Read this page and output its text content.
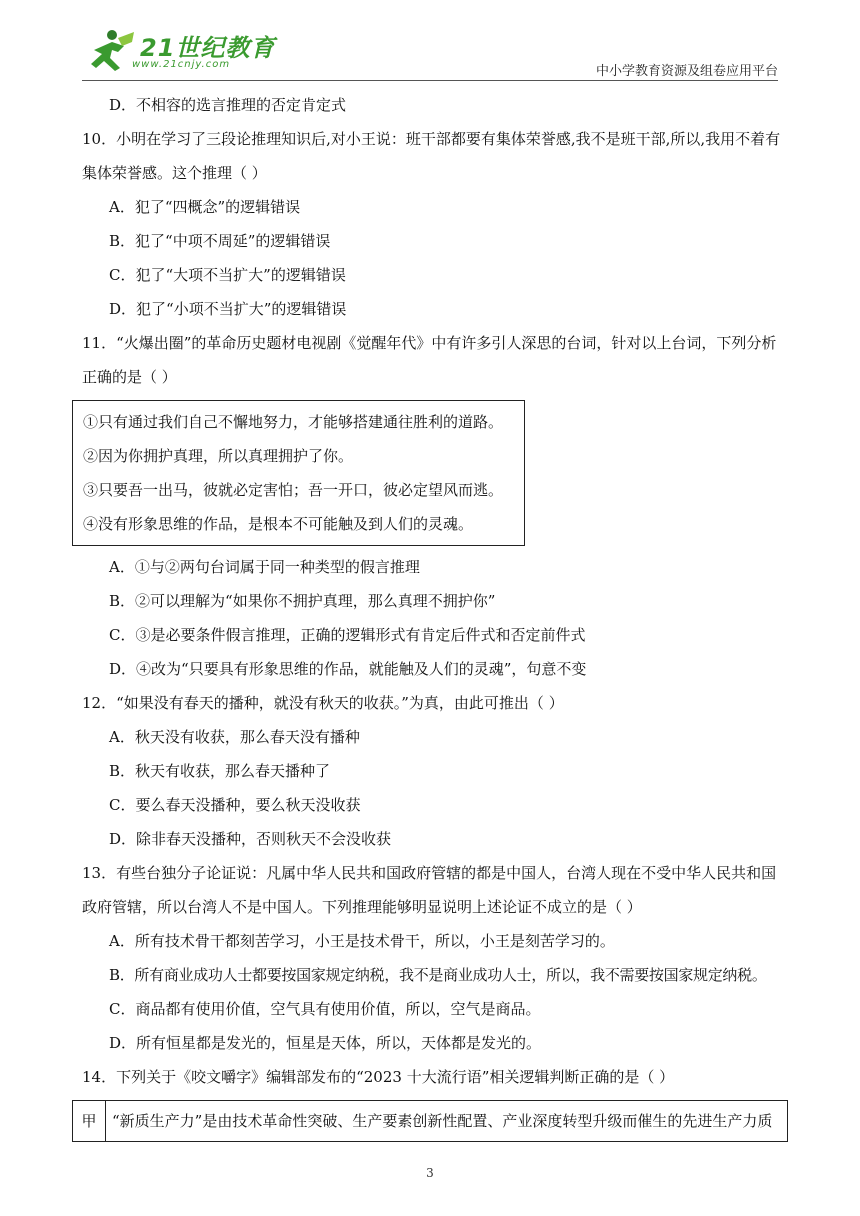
21世纪教育
www.21cnjy.com	中小学教育资源及组卷应用平台
D．不相容的选言推理的否定肯定式
10．小明在学习了三段论推理知识后,对小王说：班干部都要有集体荣誉感,我不是班干部,所以,我用不着有
集体荣誉感。这个推理（ ）
A．犯了“四概念”的逻辑错误
B．犯了“中项不周延”的逻辑错误
C．犯了“大项不当扩大”的逻辑错误
D．犯了“小项不当扩大”的逻辑错误
11．“火爆出圈”的革命历史题材电视剧《觉醒年代》中有许多引人深思的台词，针对以上台词，下列分析
正确的是（ ）
①只有通过我们自己不懈地努力，才能够搭建通往胜利的道路。
②因为你拥护真理，所以真理拥护了你。
③只要吾一出马，彼就必定害怕；吾一开口，彼必定望风而逃。
④没有形象思维的作品，是根本不可能触及到人们的灵魂。
A．①与②两句台词属于同一种类型的假言推理
B．②可以理解为“如果你不拥护真理，那么真理不拥护你”
C．③是必要条件假言推理，正确的逻辑形式有肯定后件式和否定前件式
D．④改为“只要具有形象思维的作品，就能触及人们的灵魂”，句意不变
12．“如果没有春天的播种，就没有秋天的收获。”为真，由此可推出（ ）
A．秋天没有收获，那么春天没有播种
B．秋天有收获，那么春天播种了
C．要么春天没播种，要么秋天没收获
D．除非春天没播种，否则秋天不会没收获
13．有些台独分子论证说：凡属中华人民共和国政府管辖的都是中国人，台湾人现在不受中华人民共和国
政府管辖，所以台湾人不是中国人。下列推理能够明显说明上述论证不成立的是（ ）
A．所有技术骨干都刻苦学习，小王是技术骨干，所以，小王是刻苦学习的。
B．所有商业成功人士都要按国家规定纳税，我不是商业成功人士，所以，我不需要按国家规定纳税。
C．商品都有使用价值，空气具有使用价值，所以，空气是商品。
D．所有恒星都是发光的，恒星是天体，所以，天体都是发光的。
14．下列关于《咬文嚼字》编辑部发布的“2023 十大流行语”相关逻辑判断正确的是（ ）
甲	“新质生产力”是由技术革命性突破、生产要素创新性配置、产业深度转型升级而催生的先进生产力质
3
